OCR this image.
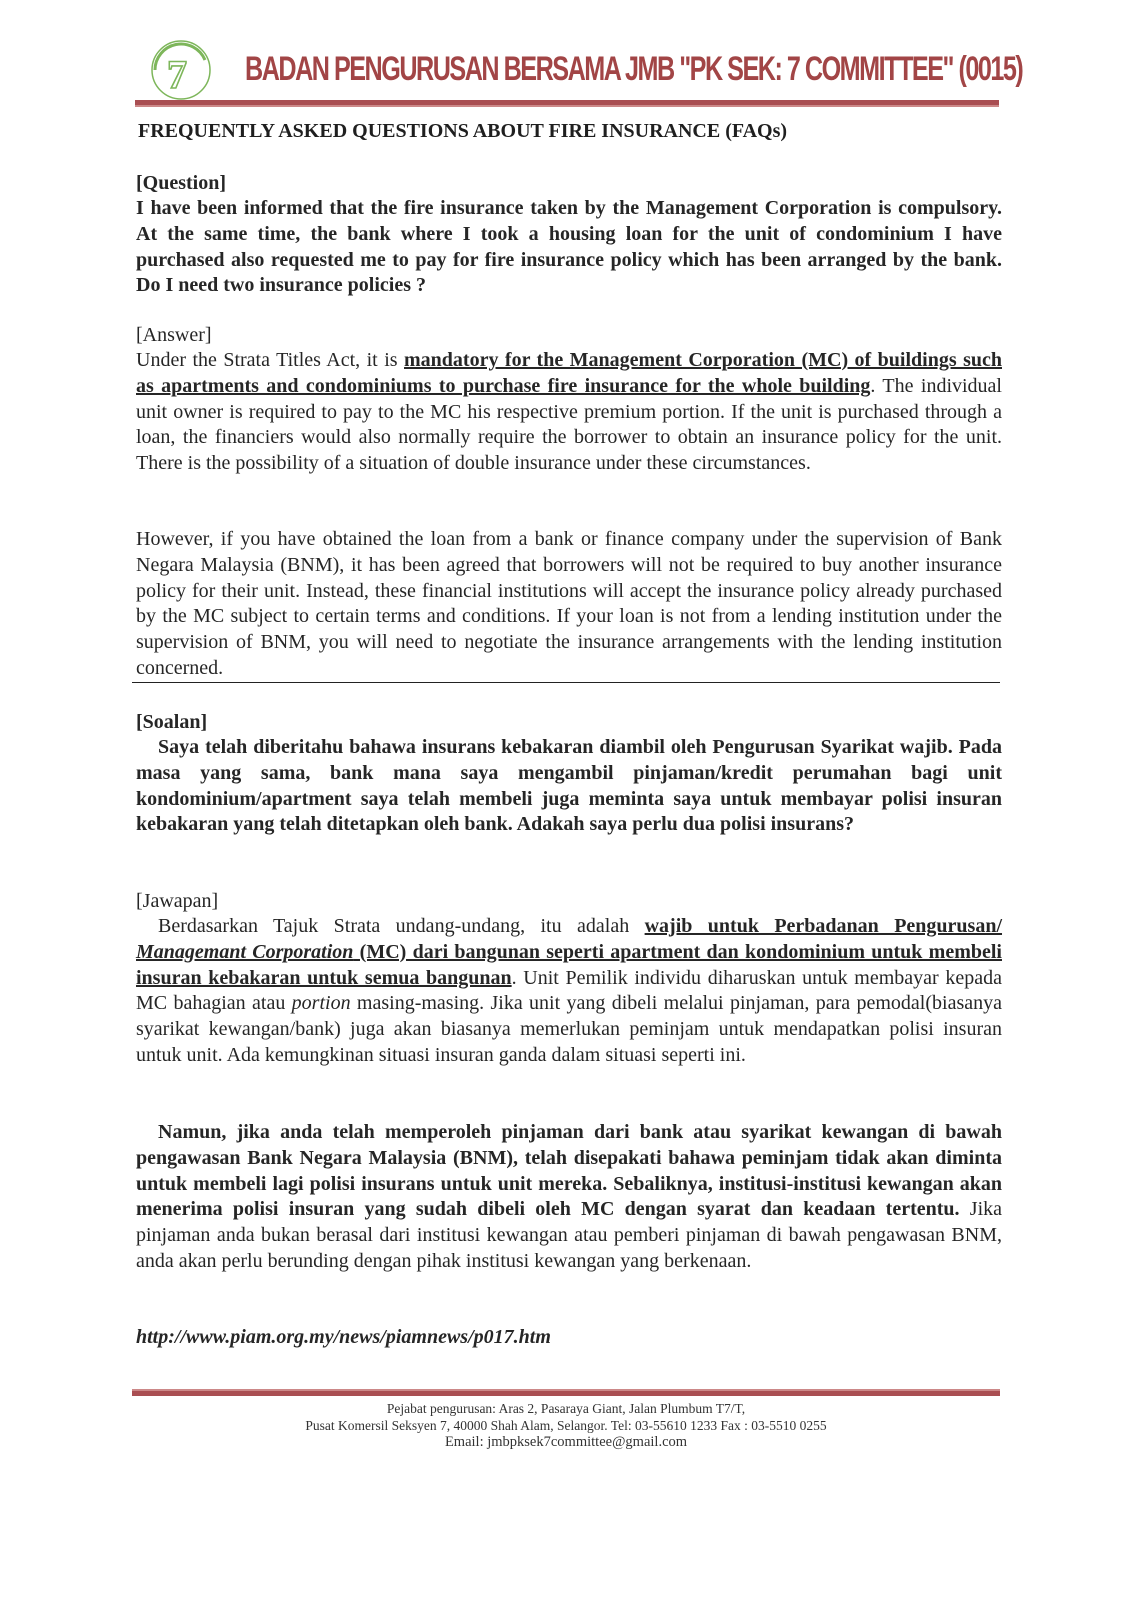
7 BADAN PENGURUSAN BERSAMA JMB "PK SEK: 7 COMMITTEE" (0015)
FREQUENTLY ASKED QUESTIONS ABOUT FIRE INSURANCE (FAQs)
[Question]
I have been informed that the fire insurance taken by the Management Corporation is compulsory. At the same time, the bank where I took a housing loan for the unit of condominium I have purchased also requested me to pay for fire insurance policy which has been arranged by the bank. Do I need two insurance policies ?
[Answer]
Under the Strata Titles Act, it is mandatory for the Management Corporation (MC) of buildings such as apartments and condominiums to purchase fire insurance for the whole building. The individual unit owner is required to pay to the MC his respective premium portion. If the unit is purchased through a loan, the financiers would also normally require the borrower to obtain an insurance policy for the unit. There is the possibility of a situation of double insurance under these circumstances.
However, if you have obtained the loan from a bank or finance company under the supervision of Bank Negara Malaysia (BNM), it has been agreed that borrowers will not be required to buy another insurance policy for their unit. Instead, these financial institutions will accept the insurance policy already purchased by the MC subject to certain terms and conditions. If your loan is not from a lending institution under the supervision of BNM, you will need to negotiate the insurance arrangements with the lending institution concerned.
[Soalan]
Saya telah diberitahu bahawa insurans kebakaran diambil oleh Pengurusan Syarikat wajib. Pada masa yang sama, bank mana saya mengambil pinjaman/kredit perumahan bagi unit kondominium/apartment saya telah membeli juga meminta saya untuk membayar polisi insuran kebakaran yang telah ditetapkan oleh bank. Adakah saya perlu dua polisi insurans?
[Jawapan]
Berdasarkan Tajuk Strata undang-undang, itu adalah wajib untuk Perbadanan Pengurusan/ Managemant Corporation (MC) dari bangunan seperti apartment dan kondominium untuk membeli insuran kebakaran untuk semua bangunan. Unit Pemilik individu diharuskan untuk membayar kepada MC bahagian atau portion masing-masing. Jika unit yang dibeli melalui pinjaman, para pemodal(biasanya syarikat kewangan/bank) juga akan biasanya memerlukan peminjam untuk mendapatkan polisi insuran untuk unit. Ada kemungkinan situasi insuran ganda dalam situasi seperti ini.
Namun, jika anda telah memperoleh pinjaman dari bank atau syarikat kewangan di bawah pengawasan Bank Negara Malaysia (BNM), telah disepakati bahawa peminjam tidak akan diminta untuk membeli lagi polisi insurans untuk unit mereka. Sebaliknya, institusi-institusi kewangan akan menerima polisi insuran yang sudah dibeli oleh MC dengan syarat dan keadaan tertentu. Jika pinjaman anda bukan berasal dari institusi kewangan atau pemberi pinjaman di bawah pengawasan BNM, anda akan perlu berunding dengan pihak institusi kewangan yang berkenaan.
http://www.piam.org.my/news/piamnews/p017.htm
Pejabat pengurusan: Aras 2, Pasaraya Giant, Jalan Plumbum T7/T,
Pusat Komersil Seksyen 7, 40000 Shah Alam, Selangor. Tel: 03-55610 1233 Fax : 03-5510 0255
Email: jmbpksek7committee@gmail.com
